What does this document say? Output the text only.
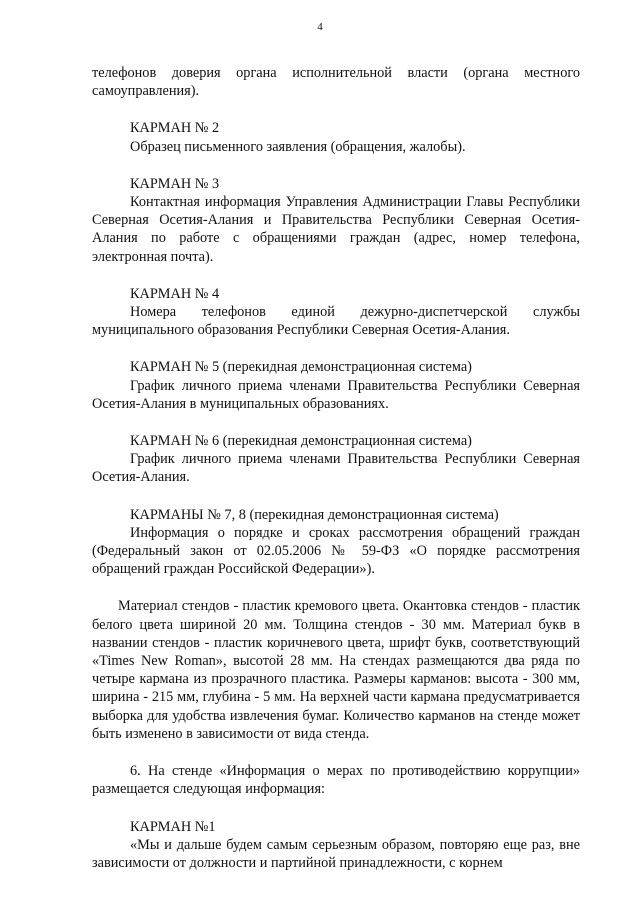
4

телефонов доверия органа исполнительной власти (органа местного самоуправления).

КАРМАН № 2

Образец письменного заявления (обращения, жалобы).

КАРМАН № 3

Контактная информация Управления Администрации Главы Республики Северная Осетия-Алания и Правительства Республики Северная Осетия-Алания по работе с обращениями граждан (адрес, номер телефона, электронная почта).

КАРМАН № 4

Номера телефонов единой дежурно-диспетчерской службы муниципального образования Республики Северная Осетия-Алания.

КАРМАН № 5 (перекидная демонстрационная система)

График личного приема членами Правительства Республики Северная Осетия-Алания в муниципальных образованиях.

КАРМАН № 6 (перекидная демонстрационная система)

График личного приема членами Правительства Республики Северная Осетия-Алания.

КАРМАНЫ № 7, 8 (перекидная демонстрационная система)

Информация о порядке и сроках рассмотрения обращений граждан (Федеральный закон от 02.05.2006 № 59-ФЗ «О порядке рассмотрения обращений граждан Российской Федерации»).

Материал стендов - пластик кремового цвета. Окантовка стендов - пластик белого цвета шириной 20 мм. Толщина стендов - 30 мм. Материал букв в названии стендов - пластик коричневого цвета, шрифт букв, соответствующий «Times New Roman», высотой 28 мм. На стендах размещаются два ряда по четыре кармана из прозрачного пластика. Размеры карманов: высота - 300 мм, ширина - 215 мм, глубина - 5 мм. На верхней части кармана предусматривается выборка для удобства извлечения бумаг. Количество карманов на стенде может быть изменено в зависимости от вида стенда.

6. На стенде «Информация о мерах по противодействию коррупции» размещается следующая информация:

КАРМАН №1

«Мы и дальше будем самым серьезным образом, повторяю еще раз, вне зависимости от должности и партийной принадлежности, с корнем
